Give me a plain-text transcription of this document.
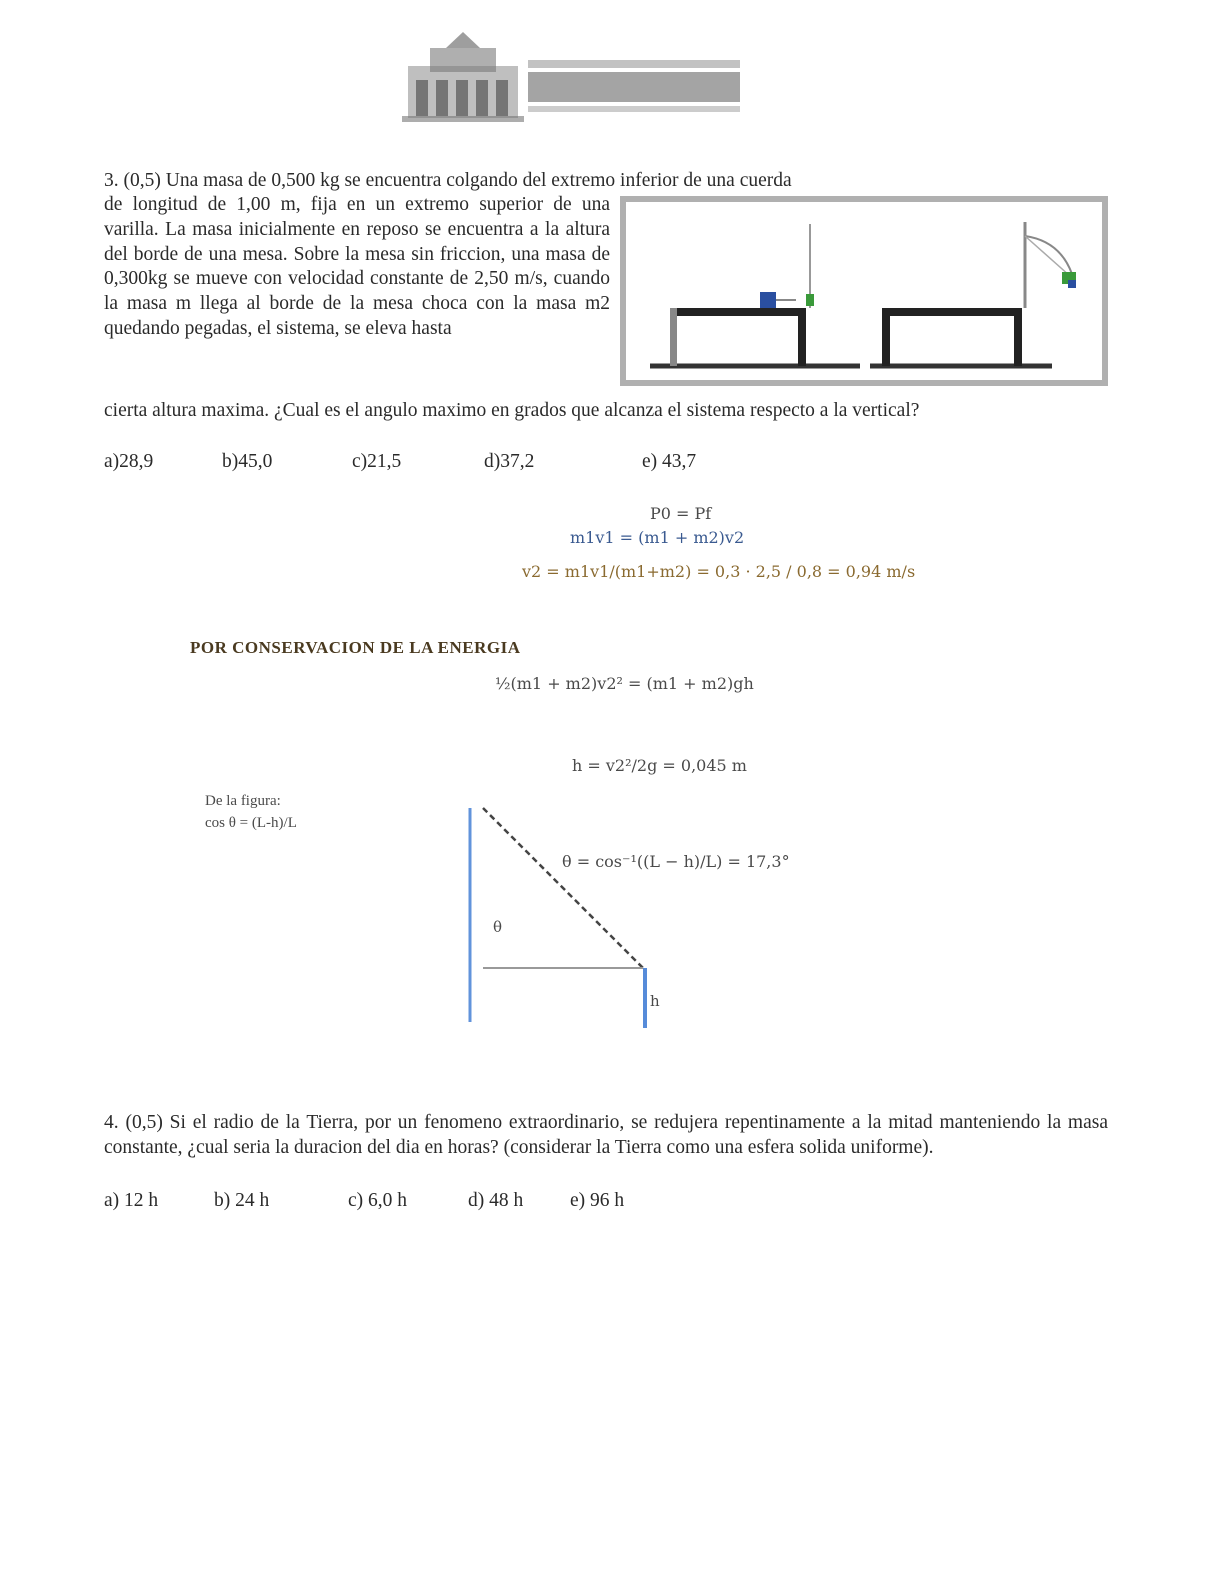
3. (0,5) Una masa de 0,500 kg se encuentra colgando del extremo inferior de una cuerda

de longitud de 1,00 m, fija en un extremo superior de una varilla. La masa inicialmente en reposo se encuentra a la altura del borde de una mesa. Sobre la mesa sin friccion, una masa de 0,300kg se mueve con velocidad constante de 2,50 m/s, cuando la masa m llega al borde de la mesa choca con la masa m2 quedando pegadas, el sistema, se eleva hasta

cierta altura maxima. ¿Cual es el angulo maximo en grados que alcanza el sistema respecto a la vertical?

a)28,9	b)45,0	c)21,5	d)37,2	e) 43,7
P0 = Pf
m1v1 = (m1 + m2)v2
v2 = m1v1/(m1+m2) = 0,3 · 2,5 / 0,8 = 0,94 m/s
POR CONSERVACION DE LA ENERGIA
½(m1 + m2)v2² = (m1 + m2)gh
h = v2²/2g = 0,045 m
De la figura:
cos θ = (L-h)/L
θ
h
θ = cos⁻¹((L − h)/L) = 17,3°

4. (0,5) Si el radio de la Tierra, por un fenomeno extraordinario, se redujera repentinamente a la mitad manteniendo la masa constante, ¿cual seria la duracion del dia en horas? (considerar la Tierra como una esfera solida uniforme).

a) 12 h	b) 24 h	c) 6,0 h	d) 48 h e) 96 h
